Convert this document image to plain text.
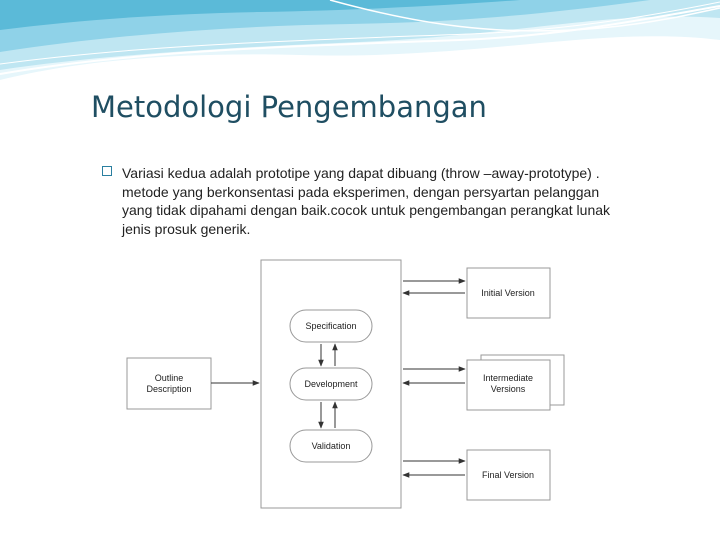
Metodologi Pengembangan
Variasi kedua adalah prototipe yang dapat dibuang (throw –away-prototype) . metode yang berkonsentasi pada eksperimen, dengan persyartan pelanggan yang tidak dipahami dengan baik.cocok untuk pengembangan perangkat lunak jenis prosuk generik.
Outline
Description
Specification
Development
Validation
Initial Version
Intermediate
Versions
Final Version
